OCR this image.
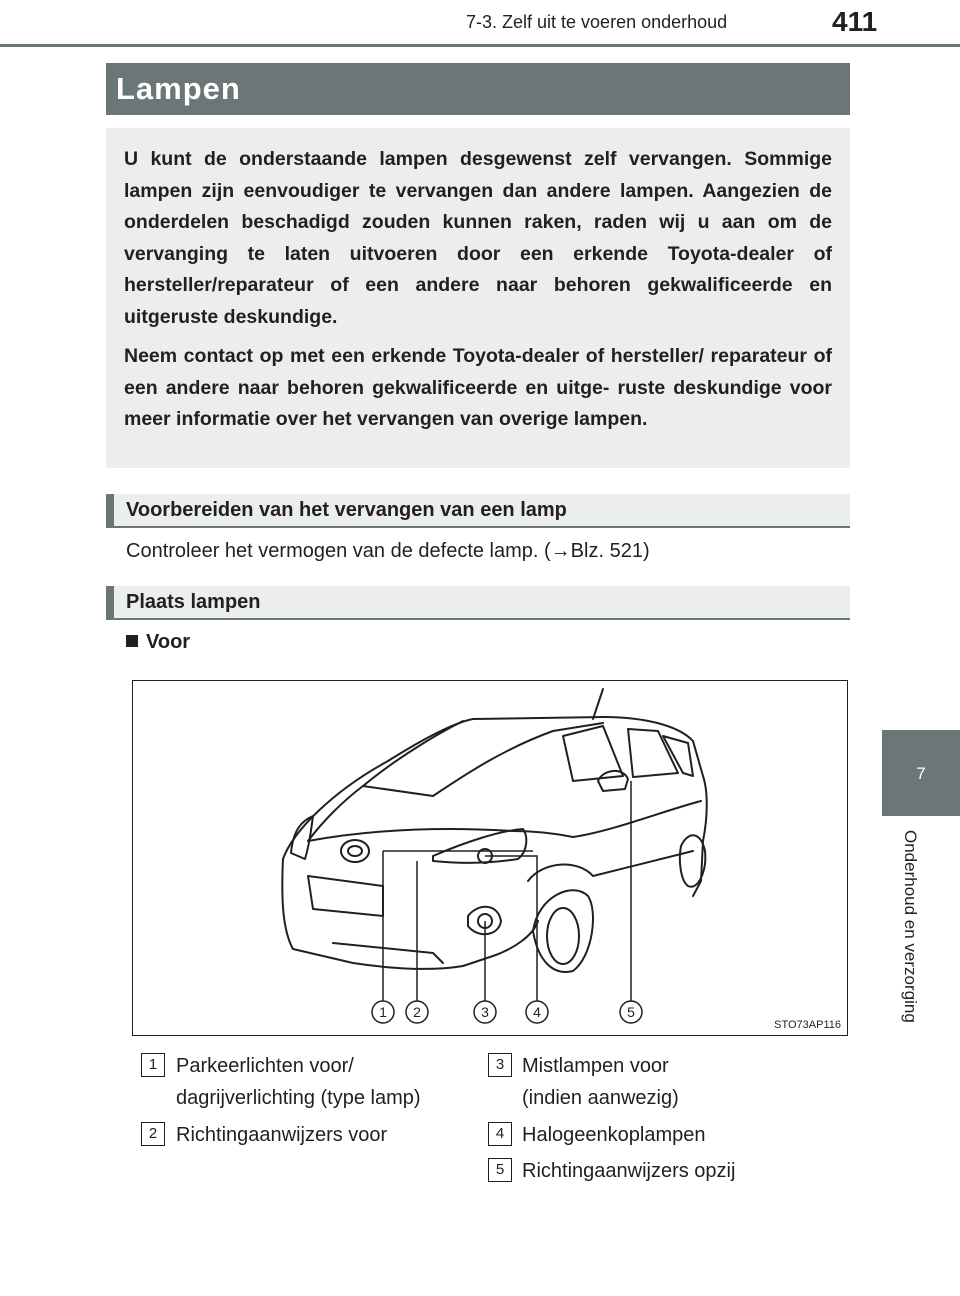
7-3. Zelf uit te voeren onderhoud	411
7
Onderhoud en verzorging
Lampen

U kunt de onderstaande lampen desgewenst zelf vervangen. Sommige lampen zijn eenvoudiger te vervangen dan andere lampen. Aangezien de onderdelen beschadigd zouden kunnen raken, raden wij u aan om de vervanging te laten uitvoeren door een erkende Toyota-dealer of hersteller/reparateur of een andere naar behoren gekwalificeerde en uitgeruste deskundige.

Neem contact op met een erkende Toyota-dealer of hersteller/ reparateur of een andere naar behoren gekwalificeerde en uitge- ruste deskundige voor meer informatie over het vervangen van overige lampen.

Voorbereiden van het vervangen van een lamp
Controleer het vermogen van de defecte lamp. (→Blz. 521)
Plaats lampen
Voor
1 2	3	4	5
STO73AP116
1 Parkeerlichten voor/
dagrijverlichting (type lamp)
2 Richtingaanwijzers voor
3 Mistlampen voor
(indien aanwezig)
4 Halogeenkoplampen
5 Richtingaanwijzers opzij
